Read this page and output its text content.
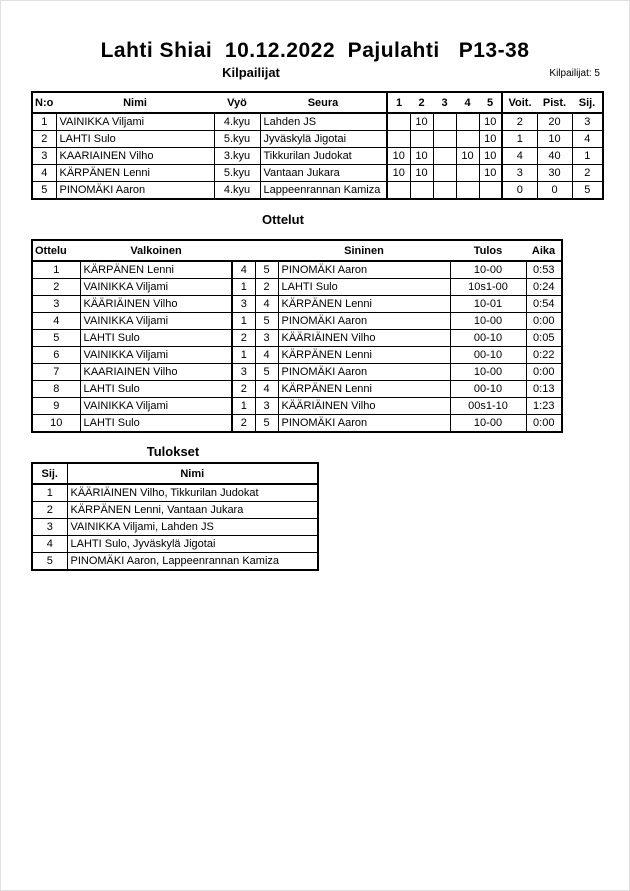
Lahti Shiai  10.12.2022  Pajulahti   P13-38
Kilpailijat	Kilpailijat: 5
N:o	Nimi	Vyö	Seura	1	2	3	4	5	Voit.	Pist.	Sij.
1	VAINIKKA Viljami	4.kyu	Lahden JS		10			10	2	20	3
2	LAHTI Sulo	5.kyu	Jyväskylä Jigotai					10	1	10	4
3	KAARIAINEN Vilho	3.kyu	Tikkurilan Judokat	10	10		10	10	4	40	1
4	KÄRPÄNEN Lenni	5.kyu	Vantaan Jukara	10	10			10	3	30	2
5	PINOMÄKI Aaron	4.kyu	Lappeenrannan Kamiza						0	0	5
Ottelut
Ottelu	Valkoinen			Sininen	Tulos	Aika
1	KÄRPÄNEN Lenni	4	5	PINOMÄKI Aaron	10-00	0:53
2	VAINIKKA Viljami	1	2	LAHTI Sulo	10s1-00	0:24
3	KÄÄRIÄINEN Vilho	3	4	KÄRPÄNEN Lenni	10-01	0:54
4	VAINIKKA Viljami	1	5	PINOMÄKI Aaron	10-00	0:00
5	LAHTI Sulo	2	3	KÄÄRIÄINEN Vilho	00-10	0:05
6	VAINIKKA Viljami	1	4	KÄRPÄNEN Lenni	00-10	0:22
7	KAARIAINEN Vilho	3	5	PINOMÄKI Aaron	10-00	0:00
8	LAHTI Sulo	2	4	KÄRPÄNEN Lenni	00-10	0:13
9	VAINIKKA Viljami	1	3	KÄÄRIÄINEN Vilho	00s1-10	1:23
10	LAHTI Sulo	2	5	PINOMÄKI Aaron	10-00	0:00
Tulokset
Sij.	Nimi
1	KÄÄRIÄINEN Vilho, Tikkurilan Judokat
2	KÄRPÄNEN Lenni, Vantaan Jukara
3	VAINIKKA Viljami, Lahden JS
4	LAHTI Sulo, Jyväskylä Jigotai
5	PINOMÄKI Aaron, Lappeenrannan Kamiza
